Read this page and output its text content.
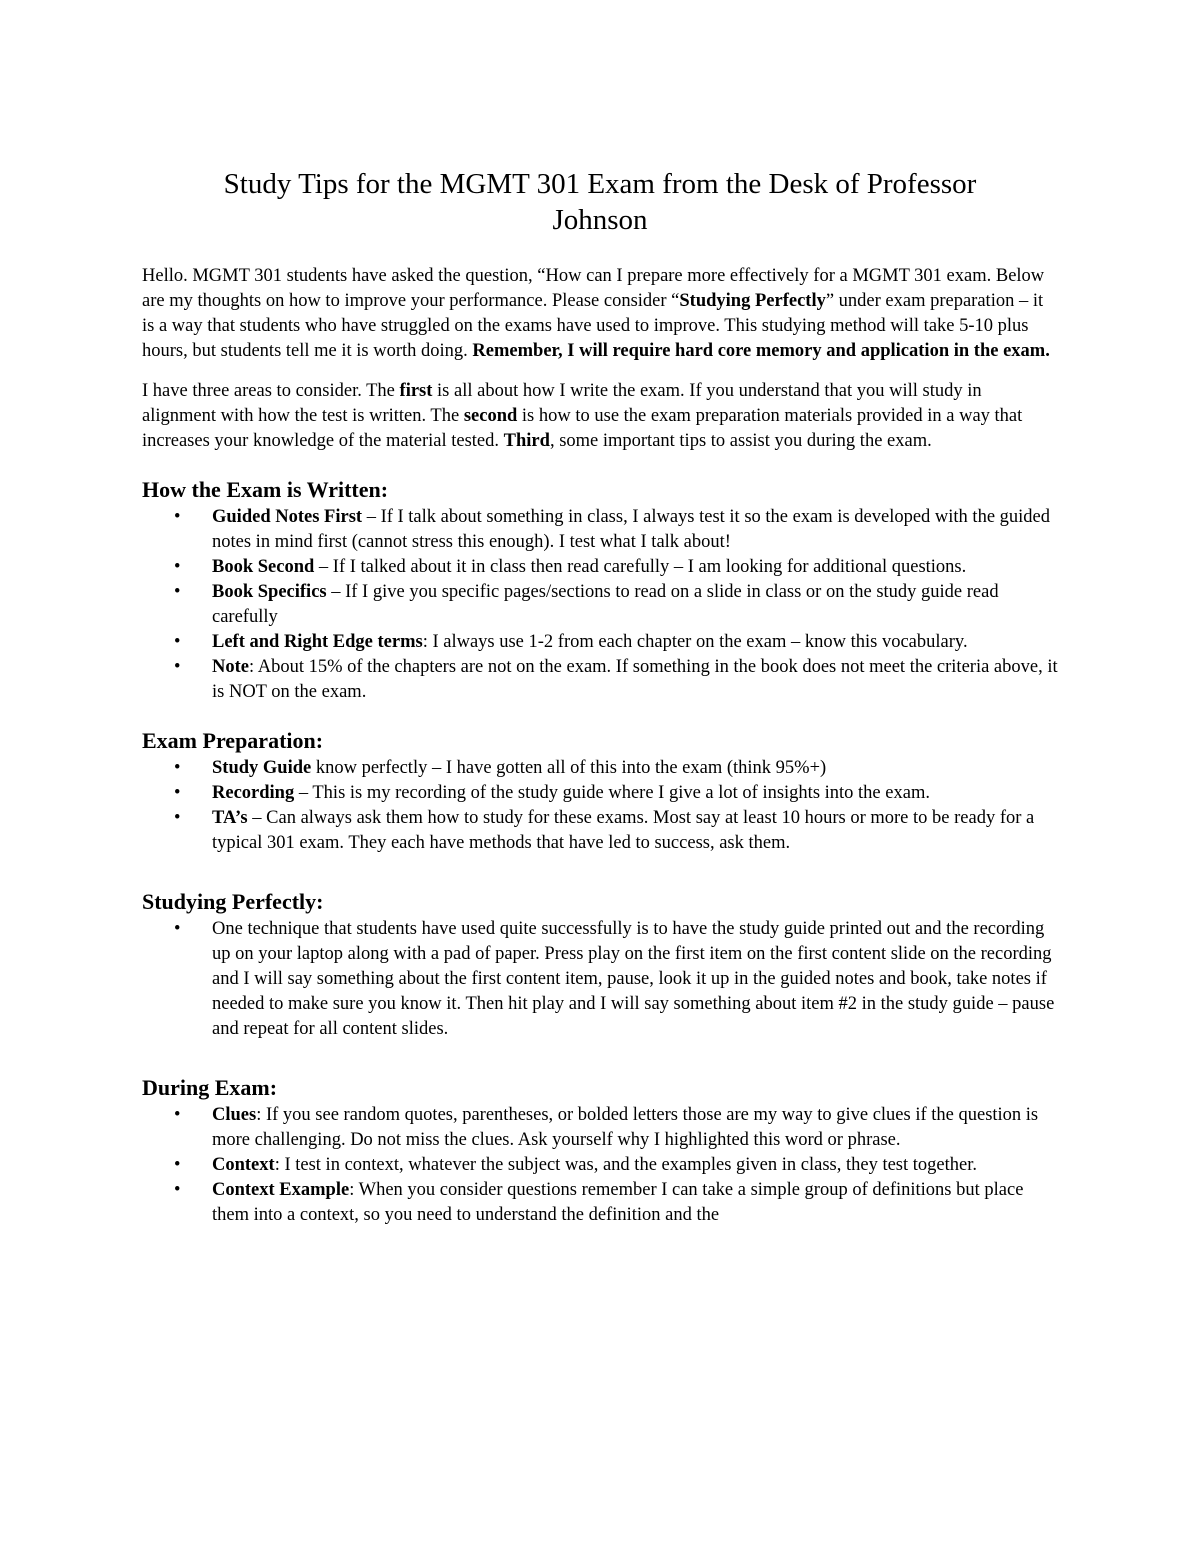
Study Tips for the MGMT 301 Exam from the Desk of Professor Johnson

Hello. MGMT 301 students have asked the question, “How can I prepare more effectively for a MGMT 301 exam. Below are my thoughts on how to improve your performance. Please consider “Studying Perfectly” under exam preparation – it is a way that students who have struggled on the exams have used to improve. This studying method will take 5-10 plus hours, but students tell me it is worth doing. Remember, I will require hard core memory and application in the exam.

I have three areas to consider. The first is all about how I write the exam. If you understand that you will study in alignment with how the test is written. The second is how to use the exam preparation materials provided in a way that increases your knowledge of the material tested. Third, some important tips to assist you during the exam.

How the Exam is Written:
•	Guided Notes First – If I talk about something in class, I always test it so the exam is developed with the guided notes in mind first (cannot stress this enough). I test what I talk about!
•	Book Second – If I talked about it in class then read carefully – I am looking for additional questions.
•	Book Specifics – If I give you specific pages/sections to read on a slide in class or on the study guide read carefully
•	Left and Right Edge terms: I always use 1-2 from each chapter on the exam – know this vocabulary.
•	Note: About 15% of the chapters are not on the exam. If something in the book does not meet the criteria above, it is NOT on the exam.
Exam Preparation:
•	Study Guide know perfectly – I have gotten all of this into the exam (think 95%+)
•	Recording – This is my recording of the study guide where I give a lot of insights into the exam.
•	TA’s – Can always ask them how to study for these exams. Most say at least 10 hours or more to be ready for a typical 301 exam. They each have methods that have led to success, ask them.
Studying Perfectly:
•	One technique that students have used quite successfully is to have the study guide printed out and the recording up on your laptop along with a pad of paper. Press play on the first item on the first content slide on the recording and I will say something about the first content item, pause, look it up in the guided notes and book, take notes if needed to make sure you know it. Then hit play and I will say something about item #2 in the study guide – pause and repeat for all content slides.
During Exam:
•	Clues: If you see random quotes, parentheses, or bolded letters those are my way to give clues if the question is more challenging. Do not miss the clues. Ask yourself why I highlighted this word or phrase.
•	Context: I test in context, whatever the subject was, and the examples given in class, they test together.
•	Context Example: When you consider questions remember I can take a simple group of definitions but place them into a context, so you need to understand the definition and the
